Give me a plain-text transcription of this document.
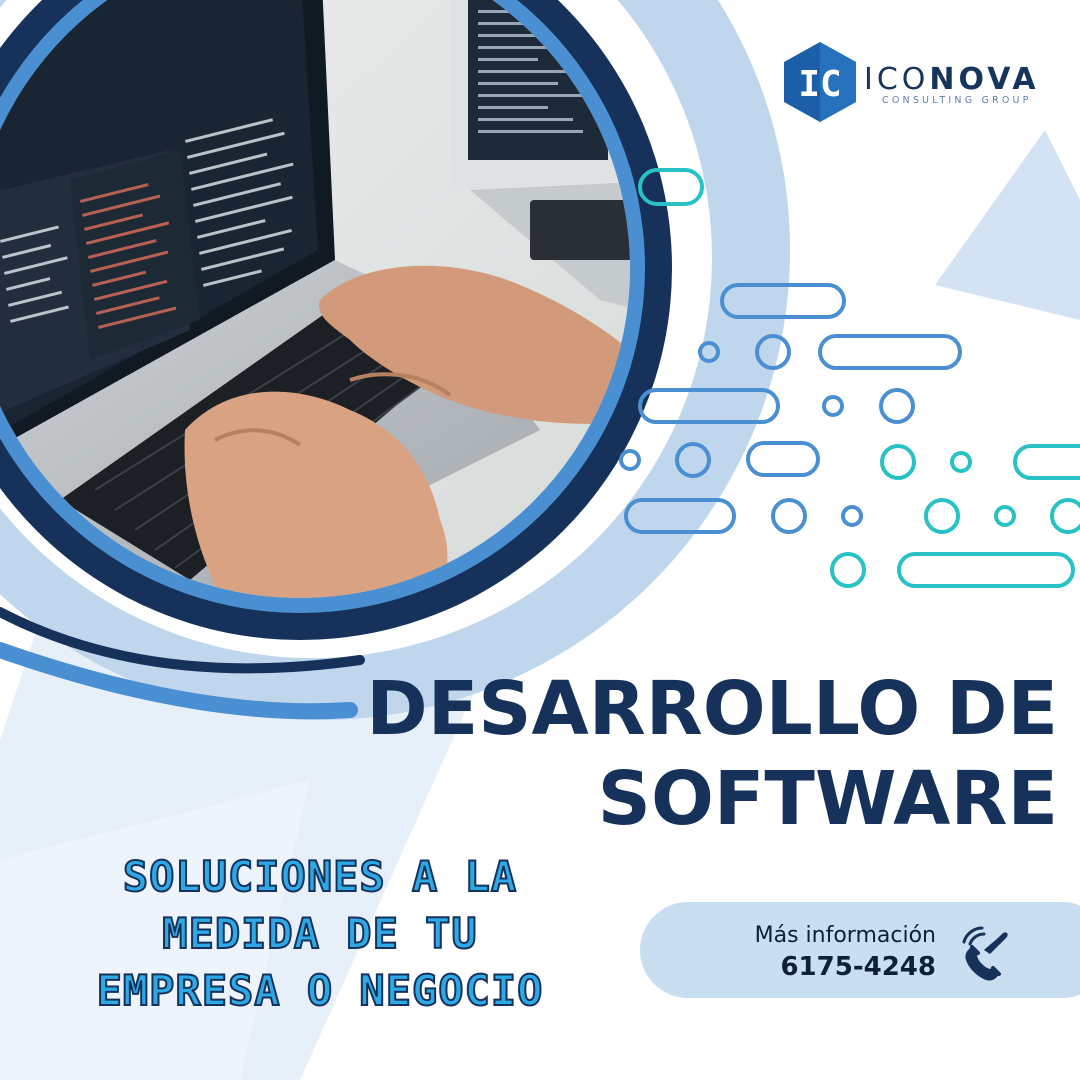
IC ICONOVA
CONSULTING GROUP
DESARROLLO DE
SOFTWARE
SOLUCIONES A LA
MEDIDA DE TU
EMPRESA O NEGOCIO
Más información
6175-4248
